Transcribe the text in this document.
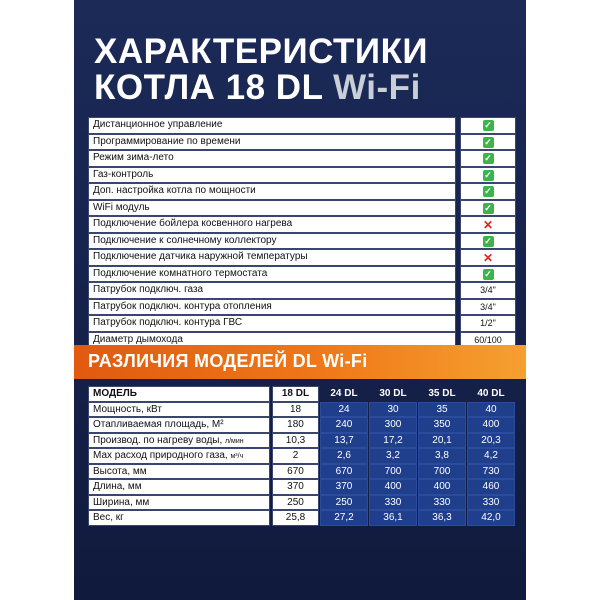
ХАРАКТЕРИСТИКИ
КОТЛА 18 DL Wi-Fi
Дистанционное управление	✓
Программирование по времени	✓
Режим зима-лето	✓
Газ-контроль	✓
Доп. настройка котла по мощности	✓
WiFi модуль	✓
Подключение бойлера косвенного нагрева	✕
Подключение к солнечному коллектору	✓
Подключение датчика наружной температуры	✕
Подключение комнатного термостата	✓
Патрубок подключ. газа	3/4"
Патрубок подключ. контура отопления	3/4"
Патрубок подключ. контура ГВС	1/2"
Диаметр дымохода	60/100
РАЗЛИЧИЯ МОДЕЛЕЙ DL Wi-Fi
МОДЕЛЬ	18 DL	24 DL	30 DL	35 DL	40 DL
Мощность, кВт	18	24	30	35	40
Отапливаемая площадь, М²	180	240	300	350	400
Производ. по нагреву воды, л/мин	10,3	13,7	17,2	20,1	20,3
Мах расход природного газа, м³/ч	2	2,6	3,2	3,8	4,2
Высота, мм	670	670	700	700	730
Длина, мм	370	370	400	400	460
Ширина, мм	250	250	330	330	330
Вес, кг	25,8	27,2	36,1	36,3	42,0
